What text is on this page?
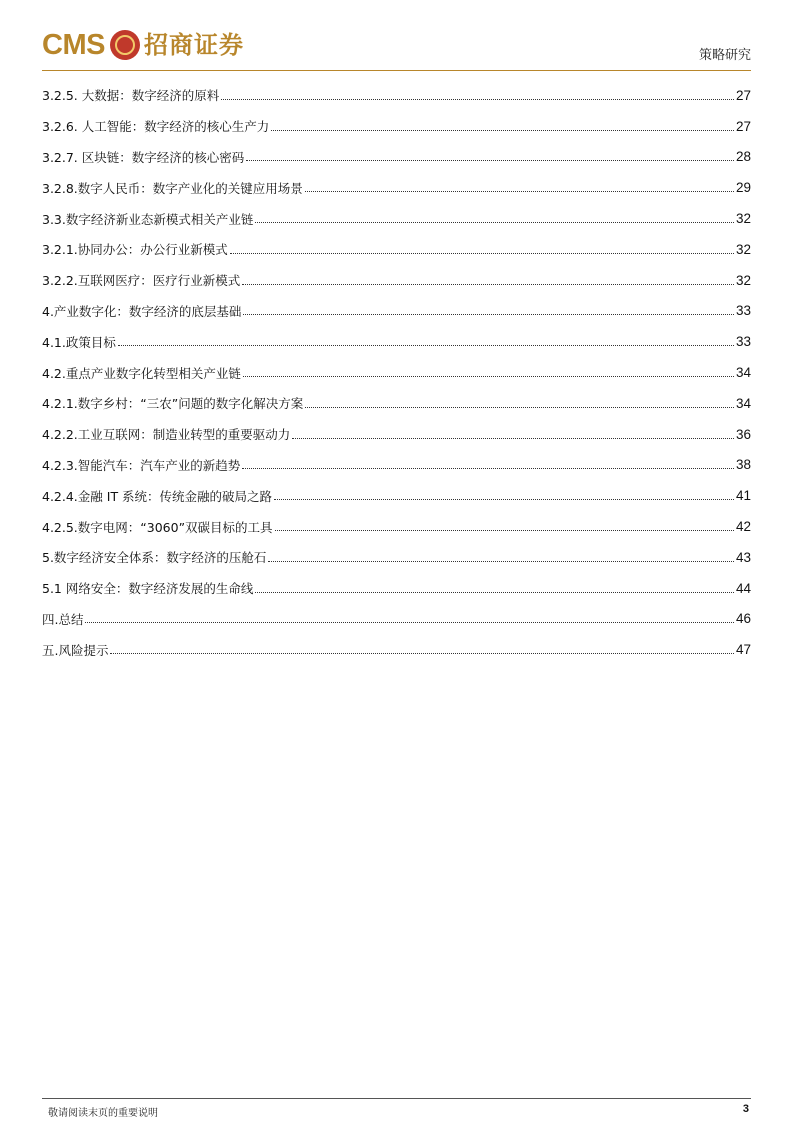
CMS 招商证券	策略研究
3.2.5. 大数据：数字经济的原料	27
3.2.6. 人工智能：数字经济的核心生产力	27
3.2.7. 区块链：数字经济的核心密码	28
3.2.8.数字人民币：数字产业化的关键应用场景	29
3.3.数字经济新业态新模式相关产业链	32
3.2.1.协同办公：办公行业新模式	32
3.2.2.互联网医疗：医疗行业新模式	32
4.产业数字化：数字经济的底层基础	33
4.1.政策目标	33
4.2.重点产业数字化转型相关产业链	34
4.2.1.数字乡村：“三农”问题的数字化解决方案	34
4.2.2.工业互联网：制造业转型的重要驱动力	36
4.2.3.智能汽车：汽车产业的新趋势	38
4.2.4.金融 IT 系统：传统金融的破局之路	41
4.2.5.数字电网：“3060”双碳目标的工具	42
5.数字经济安全体系：数字经济的压舱石	43
5.1 网络安全：数字经济发展的生命线	44
四.总结	46
五.风险提示	47
敬请阅读末页的重要说明	3
